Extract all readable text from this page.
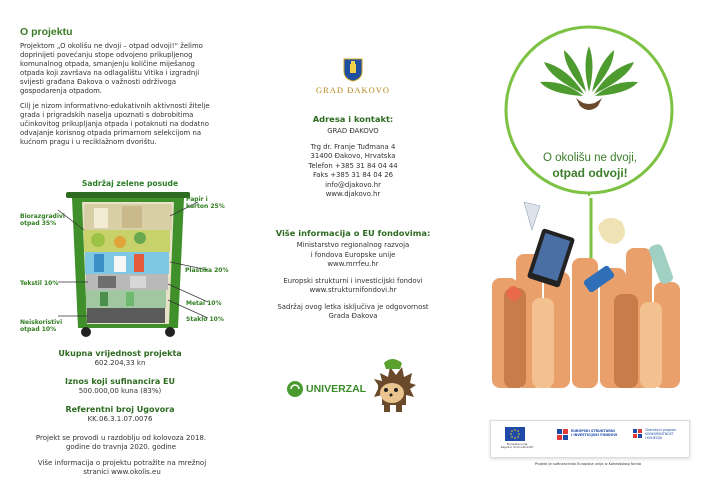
O projektu

Projektom „O okolišu ne dvoji – otpad odvoji!“ želimo doprinijeti povećanju stope odvojeno prikupljenog komunalnog otpada, smanjenju količine miješanog otpada koji završava na odlagalištu Vitika i izgradnji svijesti građana Đakova o važnosti održivoga gospodarenja otpadom.

Cilj je nizom informativno-edukativnih aktivnosti žitelje grada i prigradskih naselja upoznati s dobrobitima učinkovitog prikupljanja otpada i potaknuti na dodatno odvajanje korisnog otpada primarnom selekcijom na kućnom pragu i u reciklažnom dvorištu.

Sadržaj zelene posude
Papir i
karton 25%
Biorazgradivi
otpad 35%
Plastika 20%
Tekstil 10%
Metal 10%
Staklo 10%
Neiskoristivi
otpad 10%
Ukupna vrijednost projekta
602.204,33 kn
Iznos koji sufinancira EU
500.000,00 kuna (83%)
Referentni broj Ugovora
KK.06.3.1.07.0076
Projekt se provodi u razdoblju od kolovoza 2018. godine do travnja 2020. godine
Više informacija o projektu potražite na mrežnoj stranici www.okolis.eu
GRAD ĐAKOVO
Adresa i kontakt:
GRAD ĐAKOVO
Trg dr. Franje Tuđmana 4
31400 Đakovo, Hrvatska
Telefon +385 31 84 04 44
Faks +385 31 84 04 26
info@djakovo.hr
www.djakovo.hr
Više informacija o EU fondovima:
Ministarstvo regionalnog razvoja
i fondova Europske unije
www.mrrfeu.hr
Europski strukturni i investicijski fondovi
www.strukturnifondovi.hr
Sadržaj ovog letka isključiva je odgovornost
Grada Đakova
UNIVERZAL
O okolišu ne dvoji,
otpad odvoji!
Europska unija
Zajedno do fondova EU
EUROPSKI STRUKTURNI
I INVESTICIJSKI FONDOVI
Operativni program
KONKURENTNOST
I KOHEZIJA
Projekt je sufinancirala Europska unija iz Kohezijskog fonda
